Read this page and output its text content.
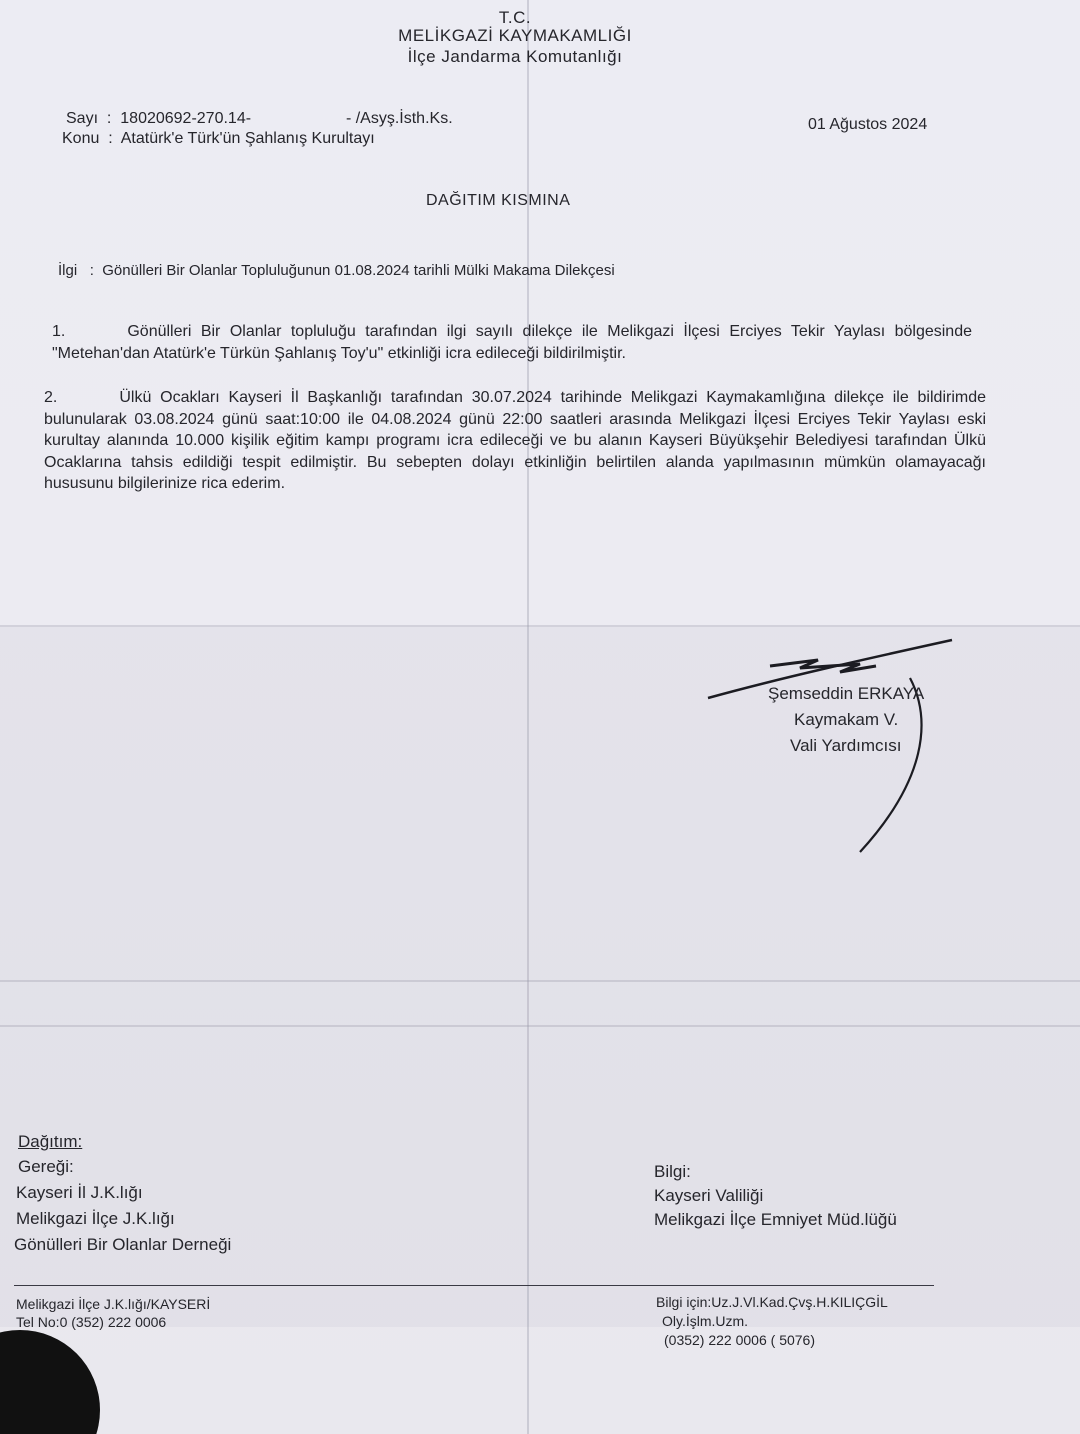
T.C.
MELİKGAZİ KAYMAKAMLIĞI
İlçe Jandarma Komutanlığı
Sayı  :  18020692-270.14-	- /Asyş.İsth.Ks.
Konu  :  Atatürk'e Türk'ün Şahlanış Kurultayı
01 Ağustos 2024
DAĞITIM KISMINA
İlgi   :  Gönülleri Bir Olanlar Topluluğunun 01.08.2024 tarihli Mülki Makama Dilekçesi
1.	Gönülleri Bir Olanlar topluluğu tarafından ilgi sayılı dilekçe ile Melikgazi İlçesi Erciyes Tekir Yaylası bölgesinde "Metehan'dan Atatürk'e Türkün Şahlanış Toy'u" etkinliği icra edileceği bildirilmiştir.
2.	Ülkü Ocakları Kayseri İl Başkanlığı tarafından 30.07.2024 tarihinde Melikgazi Kaymakamlığına dilekçe ile bildirimde bulunularak 03.08.2024 günü saat:10:00 ile 04.08.2024 günü 22:00 saatleri arasında Melikgazi İlçesi Erciyes Tekir Yaylası eski kurultay alanında 10.000 kişilik eğitim kampı programı icra edileceği ve bu alanın Kayseri Büyükşehir Belediyesi tarafından Ülkü Ocaklarına tahsis edildiği tespit edilmiştir. Bu sebepten dolayı etkinliğin belirtilen alanda yapılmasının mümkün olamayacağı hususunu bilgilerinize rica ederim.
Şemseddin ERKAYA
Kaymakam V.
Vali Yardımcısı
Dağıtım:
Gereği:
Kayseri İl J.K.lığı
Melikgazi İlçe J.K.lığı
Gönülleri Bir Olanlar Derneği
Bilgi:
Kayseri Valiliği
Melikgazi İlçe Emniyet Müd.lüğü
Melikgazi İlçe J.K.lığı/KAYSERİ
Tel No:0 (352) 222 0006
Bilgi için:Uz.J.Vl.Kad.Çvş.H.KILIÇGİL
Oly.İşlm.Uzm.
(0352) 222 0006 ( 5076)
